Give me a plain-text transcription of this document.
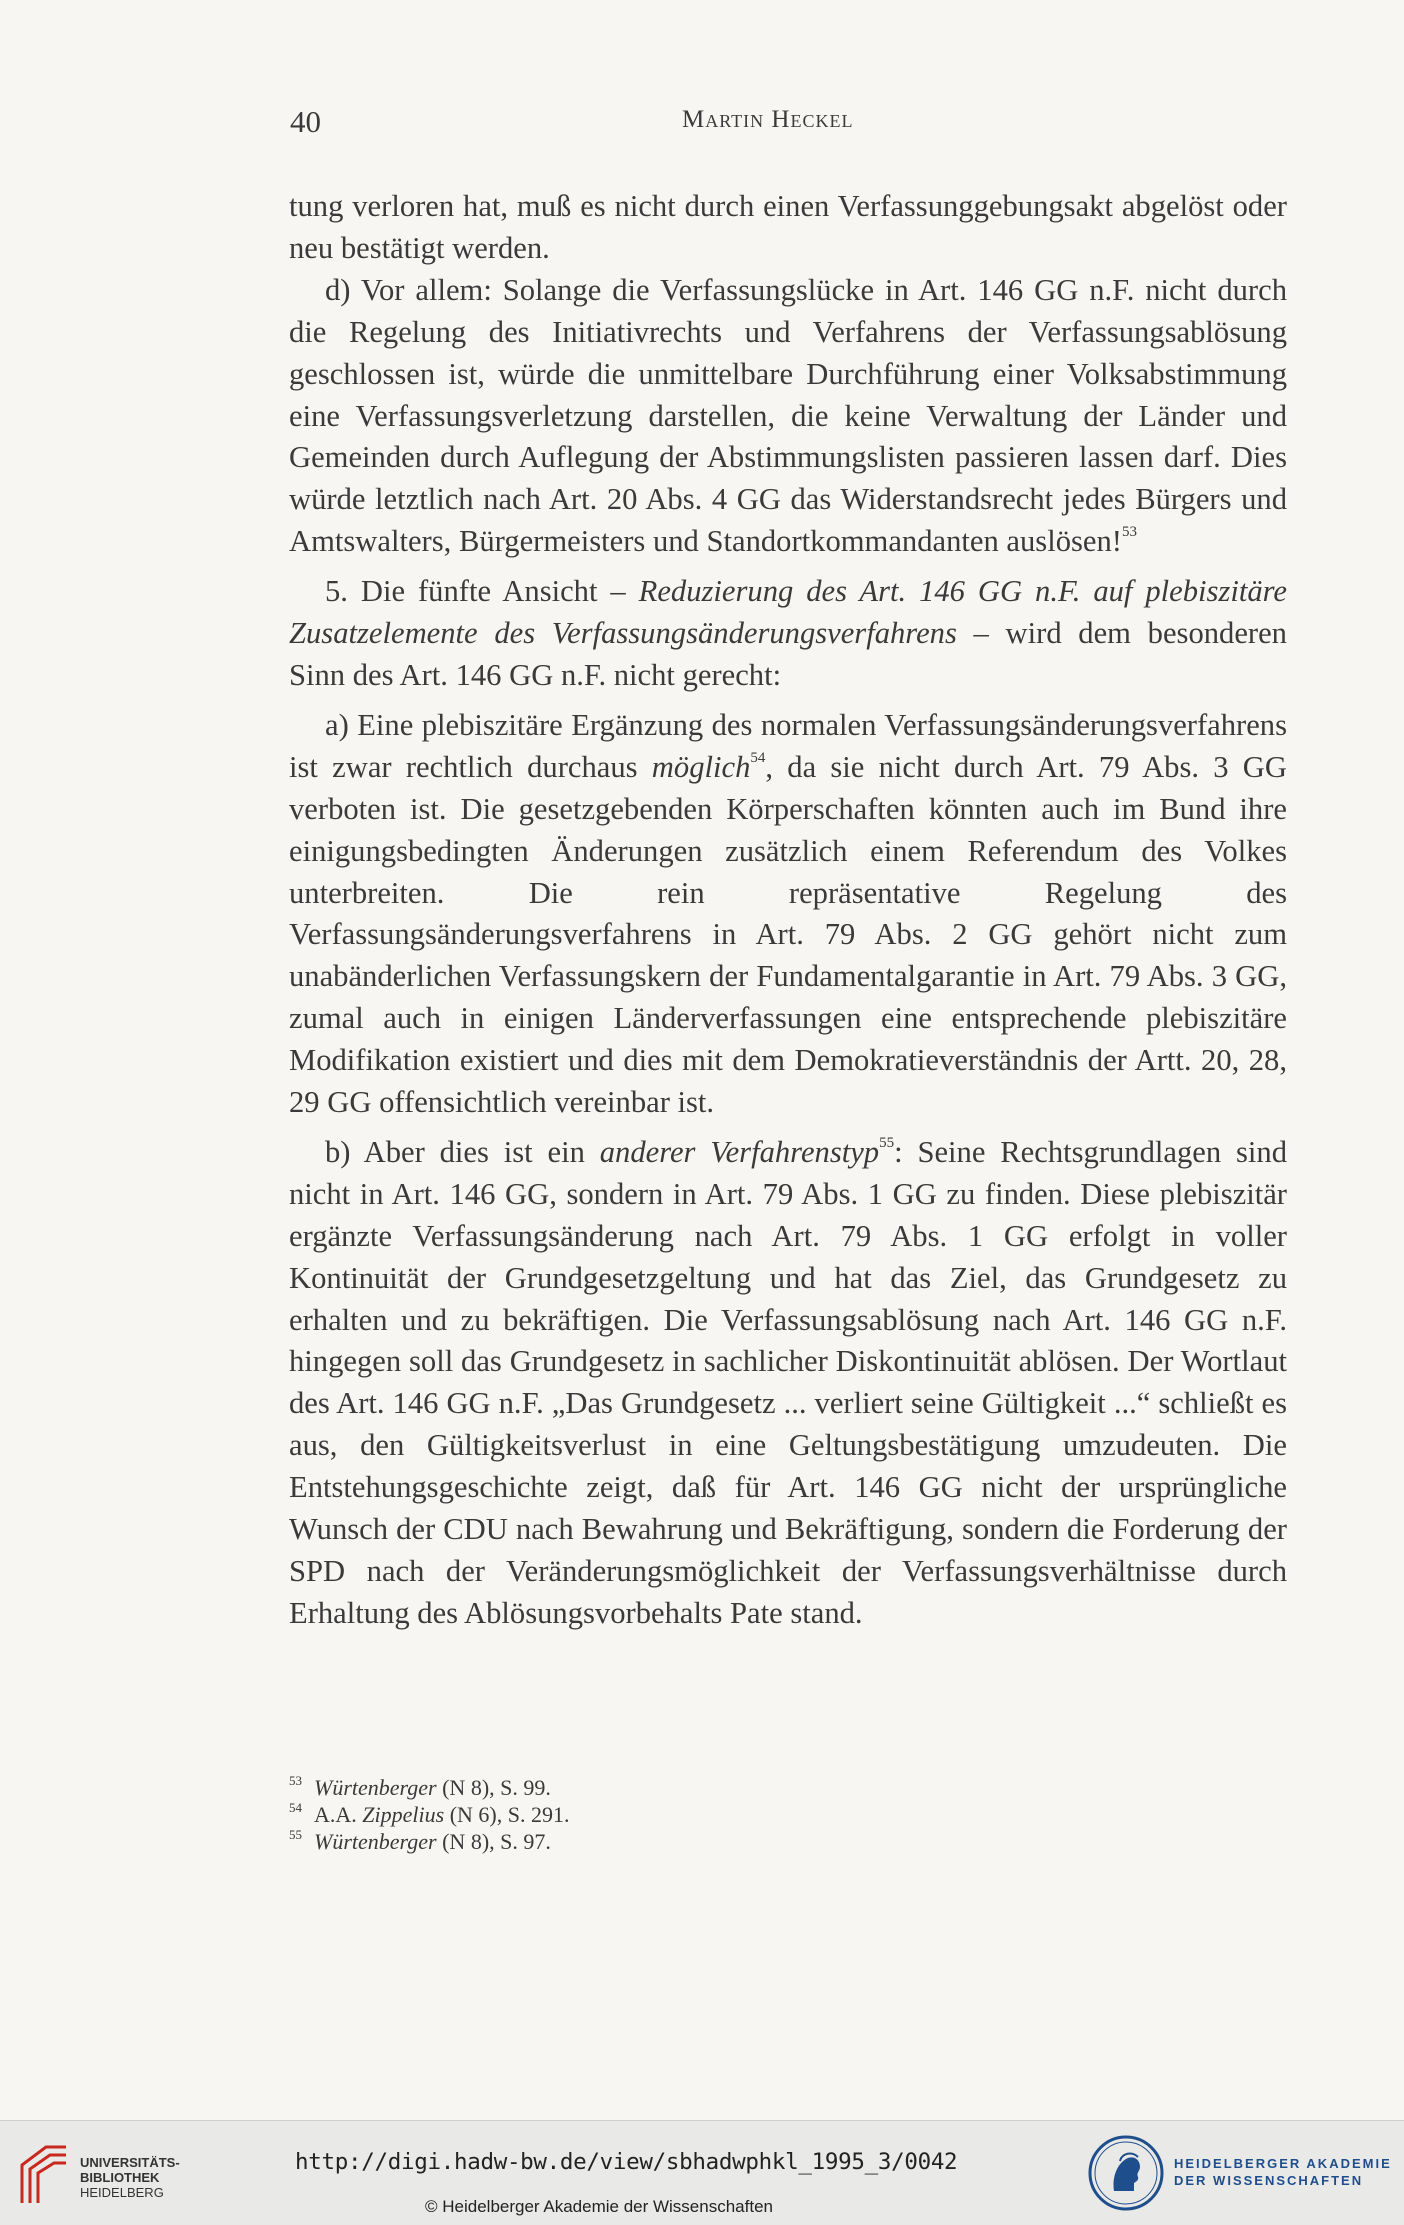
40	Martin Heckel

tung verloren hat, muß es nicht durch einen Verfassunggebungsakt abgelöst oder neu bestätigt werden.

d) Vor allem: Solange die Verfassungslücke in Art. 146 GG n.F. nicht durch die Regelung des Initiativrechts und Verfahrens der Verfassungsablösung geschlossen ist, würde die unmittelbare Durchführung einer Volksabstimmung eine Verfassungsverletzung darstellen, die keine Verwaltung der Länder und Gemeinden durch Auflegung der Abstimmungslisten passieren lassen darf. Dies würde letztlich nach Art. 20 Abs. 4 GG das Widerstandsrecht jedes Bürgers und Amtswalters, Bürgermeisters und Standortkommandanten auslösen!$^{53}$

5. Die fünfte Ansicht – Reduzierung des Art. 146 GG n.F. auf plebiszitäre Zusatzelemente des Verfassungsänderungsverfahrens – wird dem besonderen Sinn des Art. 146 GG n.F. nicht gerecht:

a) Eine plebiszitäre Ergänzung des normalen Verfassungsänderungsverfahrens ist zwar rechtlich durchaus möglich$^{54}$, da sie nicht durch Art. 79 Abs. 3 GG verboten ist. Die gesetzgebenden Körperschaften könnten auch im Bund ihre einigungsbedingten Änderungen zusätzlich einem Referendum des Volkes unterbreiten. Die rein repräsentative Regelung des Verfassungsänderungsverfahrens in Art. 79 Abs. 2 GG gehört nicht zum unabänderlichen Verfassungskern der Fundamentalgarantie in Art. 79 Abs. 3 GG, zumal auch in einigen Länderverfassungen eine entsprechende plebiszitäre Modifikation existiert und dies mit dem Demokratieverständnis der Artt. 20, 28, 29 GG offensichtlich vereinbar ist.

b) Aber dies ist ein anderer Verfahrenstyp$^{55}$: Seine Rechtsgrundlagen sind nicht in Art. 146 GG, sondern in Art. 79 Abs. 1 GG zu finden. Diese plebiszitär ergänzte Verfassungsänderung nach Art. 79 Abs. 1 GG erfolgt in voller Kontinuität der Grundgesetzgeltung und hat das Ziel, das Grundgesetz zu erhalten und zu bekräftigen. Die Verfassungsablösung nach Art. 146 GG n.F. hingegen soll das Grundgesetz in sachlicher Diskontinuität ablösen. Der Wortlaut des Art. 146 GG n.F. „Das Grundgesetz ... verliert seine Gültigkeit ...“ schließt es aus, den Gültigkeitsverlust in eine Geltungsbestätigung umzudeuten. Die Entstehungsgeschichte zeigt, daß für Art. 146 GG nicht der ursprüngliche Wunsch der CDU nach Bewahrung und Bekräftigung, sondern die Forderung der SPD nach der Veränderungsmöglichkeit der Verfassungsverhältnisse durch Erhaltung des Ablösungsvorbehalts Pate stand.

$^{53}$ Würtenberger (N 8), S. 99.
$^{54}$ A.A. Zippelius (N 6), S. 291.
$^{55}$ Würtenberger (N 8), S. 97.
UNIVERSITÄTS-
BIBLIOTHEK
HEIDELBERG
http://digi.hadw-bw.de/view/sbhadwphkl_1995_3/0042
© Heidelberger Akademie der Wissenschaften
HEIDELBERGER AKADEMIE
DER WISSENSCHAFTEN
